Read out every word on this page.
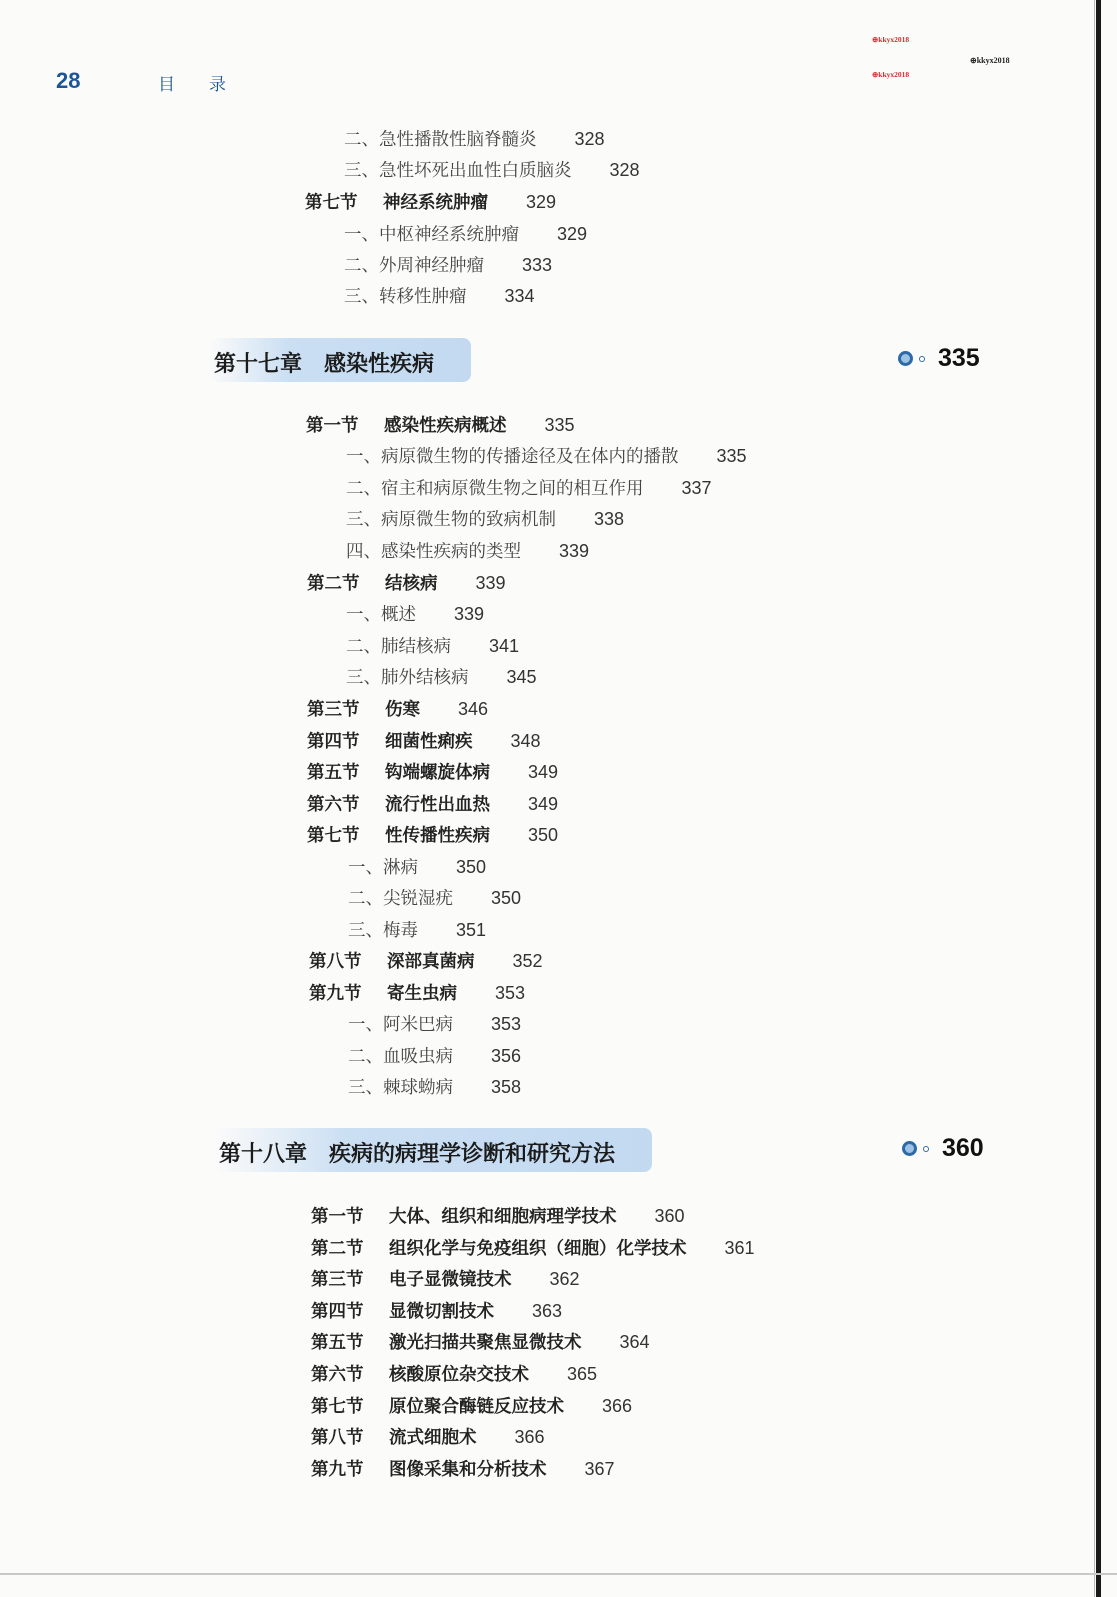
28	目录
⊕kkyx2018
⊕kkyx2018
⊕kkyx2018
第十七章 感染性疾病	335
第十八章 疾病的病理学诊断和研究方法	360
二、急性播散性脑脊髓炎 328
三、急性坏死出血性白质脑炎 328
第七节 神经系统肿瘤 329
一、中枢神经系统肿瘤 329
二、外周神经肿瘤 333
三、转移性肿瘤 334
第一节 感染性疾病概述 335
一、病原微生物的传播途径及在体内的播散 335
二、宿主和病原微生物之间的相互作用 337
三、病原微生物的致病机制 338
四、感染性疾病的类型 339
第二节 结核病 339
一、概述 339
二、肺结核病 341
三、肺外结核病 345
第三节 伤寒 346
第四节 细菌性痢疾 348
第五节 钩端螺旋体病 349
第六节 流行性出血热 349
第七节 性传播性疾病 350
一、淋病 350
二、尖锐湿疣 350
三、梅毒 351
第八节 深部真菌病 352
第九节 寄生虫病 353
一、阿米巴病 353
二、血吸虫病 356
三、棘球蚴病 358
第一节 大体、组织和细胞病理学技术 360
第二节 组织化学与免疫组织（细胞）化学技术 361
第三节 电子显微镜技术 362
第四节 显微切割技术 363
第五节 激光扫描共聚焦显微技术 364
第六节 核酸原位杂交技术 365
第七节 原位聚合酶链反应技术 366
第八节 流式细胞术 366
第九节 图像采集和分析技术 367
